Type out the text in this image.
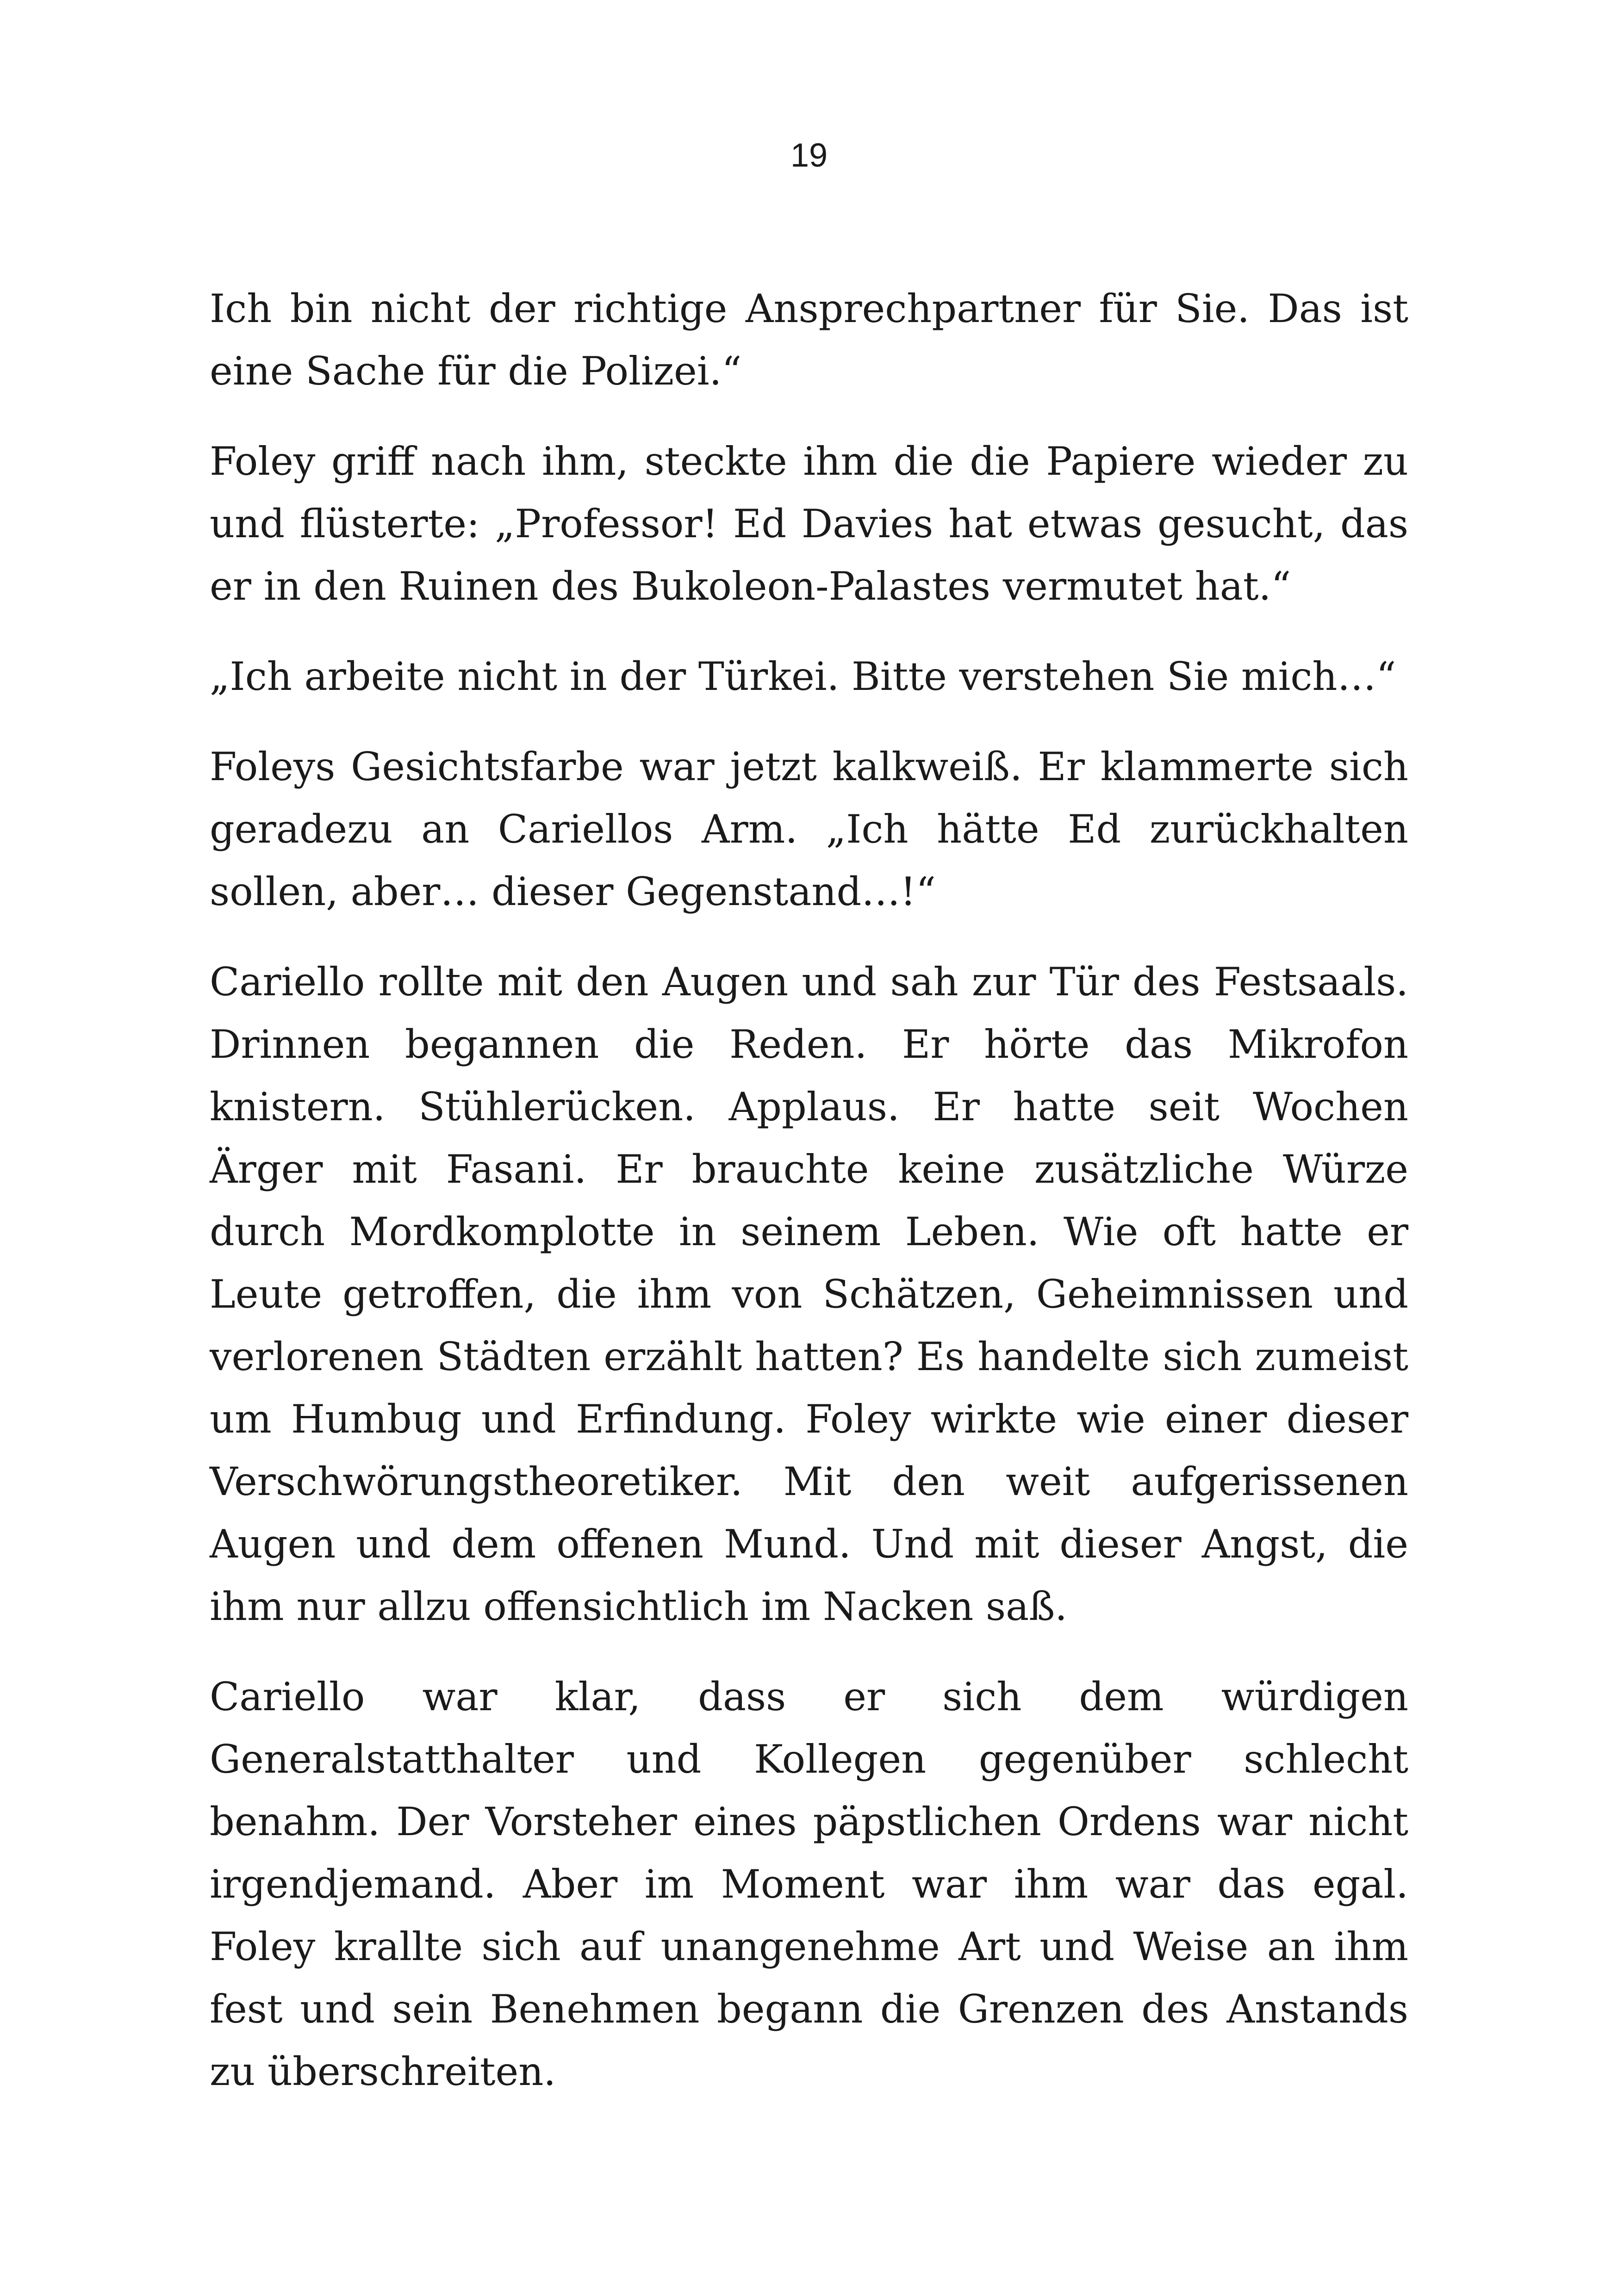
19

Ich bin nicht der richtige Ansprechpartner für Sie. Das ist eine Sache für die Polizei.“

Foley griff nach ihm, steckte ihm die die Papiere wieder zu und flüsterte: „Professor! Ed Davies hat etwas gesucht, das er in den Ruinen des Bukoleon-Palastes vermutet hat.“

„Ich arbeite nicht in der Türkei. Bitte verstehen Sie mich…“

Foleys Gesichtsfarbe war jetzt kalkweiß. Er klammerte sich geradezu an Cariellos Arm. „Ich hätte Ed zurückhalten sollen, aber… dieser Gegenstand…!“

Cariello rollte mit den Augen und sah zur Tür des Festsaals. Drinnen begannen die Reden. Er hörte das Mikrofon knistern. Stühlerücken. Applaus. Er hatte seit Wochen Ärger mit Fasani. Er brauchte keine zusätzliche Würze durch Mordkomplotte in seinem Leben. Wie oft hatte er Leute getroffen, die ihm von Schätzen, Geheimnissen und verlorenen Städten erzählt hatten? Es handelte sich zumeist um Humbug und Erfindung. Foley wirkte wie einer dieser Verschwörungstheoretiker. Mit den weit aufgerissenen Augen und dem offenen Mund. Und mit dieser Angst, die ihm nur allzu offensichtlich im Nacken saß.

Cariello war klar, dass er sich dem würdigen Generalstatthalter und Kollegen gegenüber schlecht benahm. Der Vorsteher eines päpstlichen Ordens war nicht irgendjemand. Aber im Moment war ihm war das egal. Foley krallte sich auf unangenehme Art und Weise an ihm fest und sein Benehmen begann die Grenzen des Anstands zu überschreiten.
